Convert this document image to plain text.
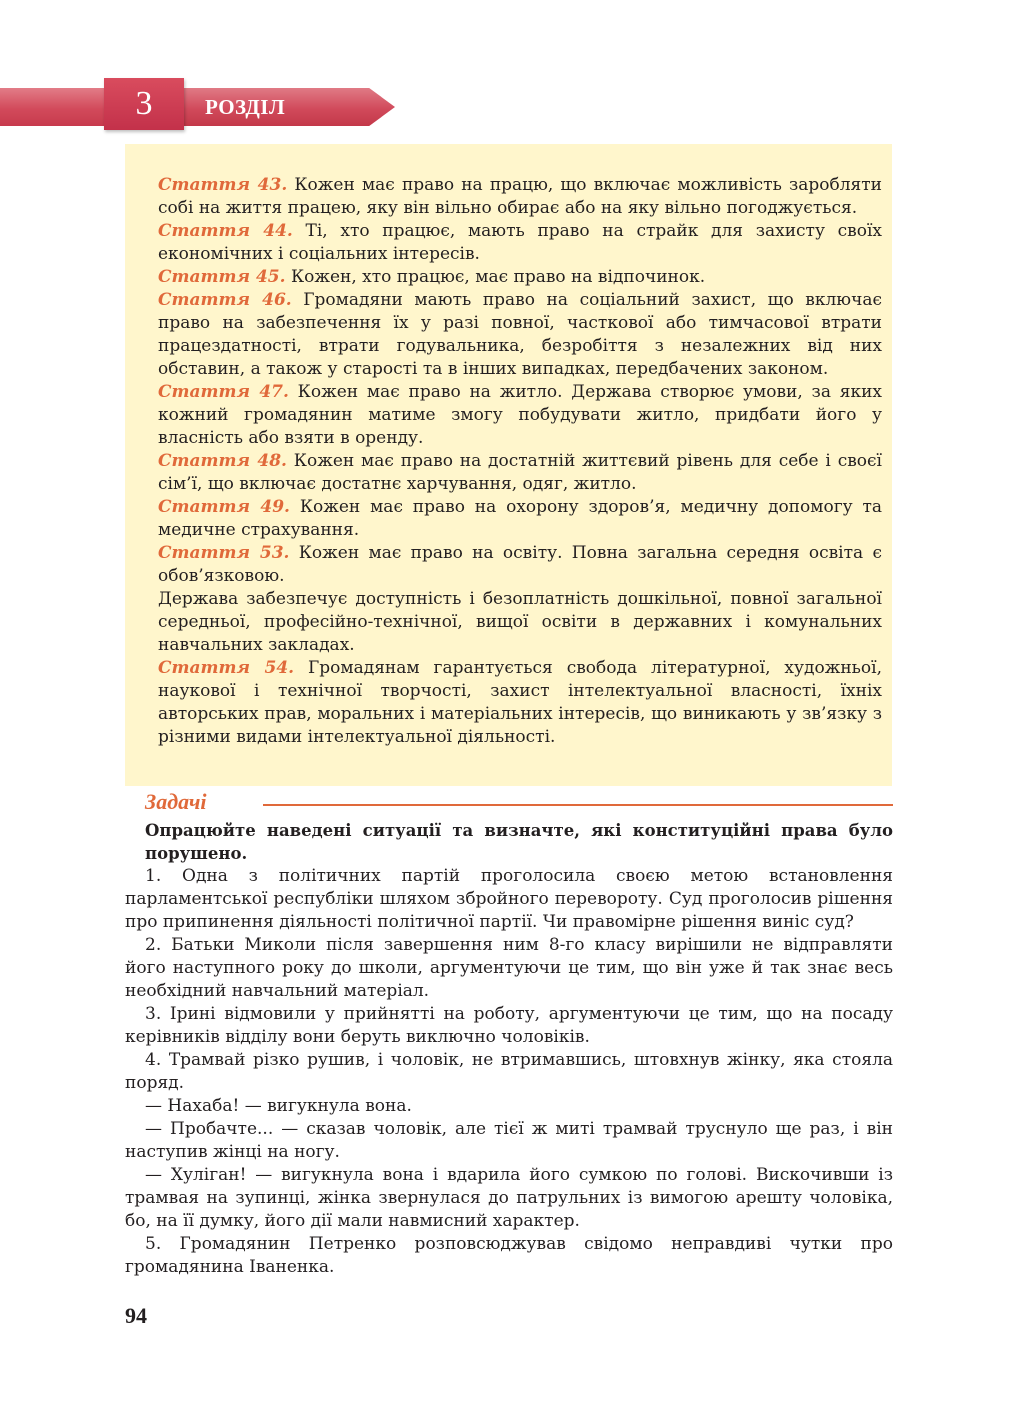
3	РОЗДІЛ

Стаття 43. Кожен має право на працю, що включає можливість заробляти собі на життя працею, яку він вільно обирає або на яку вільно погоджується.

Стаття 44. Ті, хто працює, мають право на страйк для захисту своїх економічних і соціальних інтересів.

Стаття 45. Кожен, хто працює, має право на відпочинок.

Стаття 46. Громадяни мають право на соціальний захист, що включає право на забезпечення їх у разі повної, часткової або тимчасової втрати працездатності, втрати годувальника, безробіття з незалежних від них обставин, а також у старості та в інших випадках, передбачених законом.

Стаття 47. Кожен має право на житло. Держава створює умови, за яких кожний громадянин матиме змогу побудувати житло, придбати його у власність або взяти в оренду.

Стаття 48. Кожен має право на достатній життєвий рівень для себе і своєї сім’ї, що включає достатнє харчування, одяг, житло.

Стаття 49. Кожен має право на охорону здоров’я, медичну допомогу та медичне страхування.

Стаття 53. Кожен має право на освіту. Повна загальна середня освіта є обов’язковою.

Держава забезпечує доступність і безоплатність дошкільної, повної загальної середньої, професійно-технічної, вищої освіти в державних і комунальних навчальних закладах.

Стаття 54. Громадянам гарантується свобода літературної, художньої, наукової і технічної творчості, захист інтелектуальної власності, їхніх авторських прав, моральних і матеріальних інтересів, що виникають у зв’язку з різними видами інтелектуальної діяльності.

Задачі

Опрацюйте наведені ситуації та визначте, які конституційні права було порушено.

1. Одна з політичних партій проголосила своєю метою встановлення парламентської республіки шляхом збройного перевороту. Суд проголосив рішення про припинення діяльності політичної партії. Чи правомірне рішення виніс суд?

2. Батьки Миколи після завершення ним 8-го класу вирішили не відправляти його наступного року до школи, аргументуючи це тим, що він уже й так знає весь необхідний навчальний матеріал.

3. Ірині відмовили у прийнятті на роботу, аргументуючи це тим, що на посаду керівників відділу вони беруть виключно чоловіків.

4. Трамвай різко рушив, і чоловік, не втримавшись, штовхнув жінку, яка стояла поряд.

— Нахаба! — вигукнула вона.

— Пробачте... — сказав чоловік, але тієї ж миті трамвай труснуло ще раз, і він наступив жінці на ногу.

— Хуліган! — вигукнула вона і вдарила його сумкою по голові. Вискочивши із трамвая на зупинці, жінка звернулася до патрульних із вимогою арешту чоловіка, бо, на її думку, його дії мали навмисний характер.

5. Громадянин Петренко розповсюджував свідомо неправдиві чутки про громадянина Іваненка.

94
